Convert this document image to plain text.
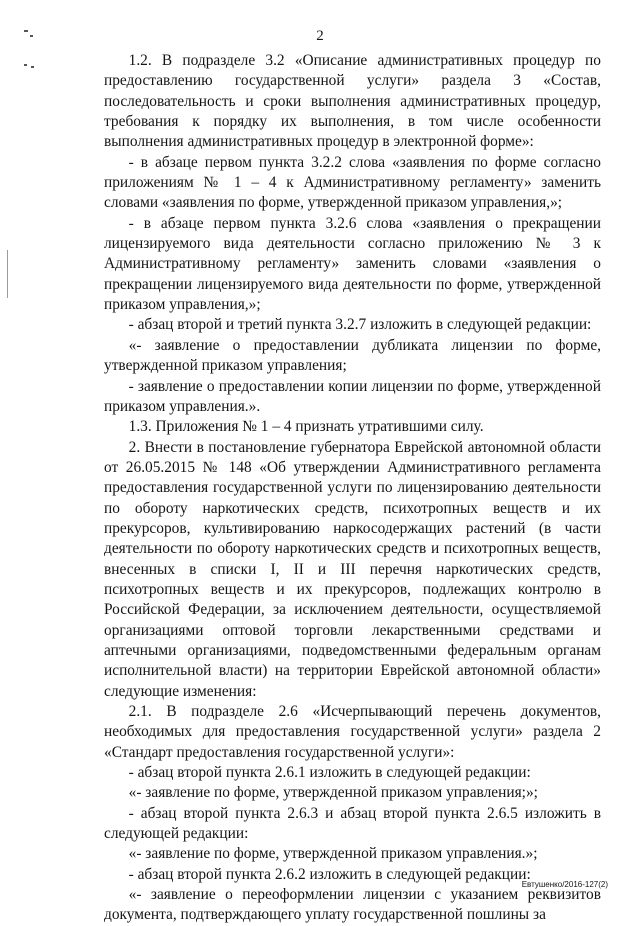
2

1.2. В подразделе 3.2 «Описание административных процедур по предоставлению государственной услуги» раздела 3 «Состав, последовательность и сроки выполнения административных процедур, требования к порядку их выполнения, в том числе особенности выполнения административных процедур в электронной форме»:

- в абзаце первом пункта 3.2.2 слова «заявления по форме согласно приложениям № 1 – 4 к Административному регламенту» заменить словами «заявления по форме, утвержденной приказом управления,»;

- в абзаце первом пункта 3.2.6 слова «заявления о прекращении лицензируемого вида деятельности согласно приложению № 3 к Административному регламенту» заменить словами «заявления о прекращении лицензируемого вида деятельности по форме, утвержденной приказом управления,»;

- абзац второй и третий пункта 3.2.7 изложить в следующей редакции:

«- заявление о предоставлении дубликата лицензии по форме, утвержденной приказом управления;

- заявление о предоставлении копии лицензии по форме, утвержденной приказом управления.».

1.3. Приложения № 1 – 4 признать утратившими силу.

2. Внести в постановление губернатора Еврейской автономной области от 26.05.2015 № 148 «Об утверждении Административного регламента предоставления государственной услуги по лицензированию деятельности по обороту наркотических средств, психотропных веществ и их прекурсоров, культивированию наркосодержащих растений (в части деятельности по обороту наркотических средств и психотропных веществ, внесенных в списки I, II и III перечня наркотических средств, психотропных веществ и их прекурсоров, подлежащих контролю в Российской Федерации, за исключением деятельности, осуществляемой организациями оптовой торговли лекарственными средствами и аптечными организациями, подведомственными федеральным органам исполнительной власти) на территории Еврейской автономной области» следующие изменения:

2.1. В подразделе 2.6 «Исчерпывающий перечень документов, необходимых для предоставления государственной услуги» раздела 2 «Стандарт предоставления государственной услуги»:

- абзац второй пункта 2.6.1 изложить в следующей редакции:

«- заявление по форме, утвержденной приказом управления;»;

- абзац второй пункта 2.6.3 и абзац второй пункта 2.6.5 изложить в следующей редакции:

«- заявление по форме, утвержденной приказом управления.»;

- абзац второй пункта 2.6.2 изложить в следующей редакции:

«- заявление о переоформлении лицензии с указанием реквизитов документа, подтверждающего уплату государственной пошлины за

Евтушенко/2016-127(2)
